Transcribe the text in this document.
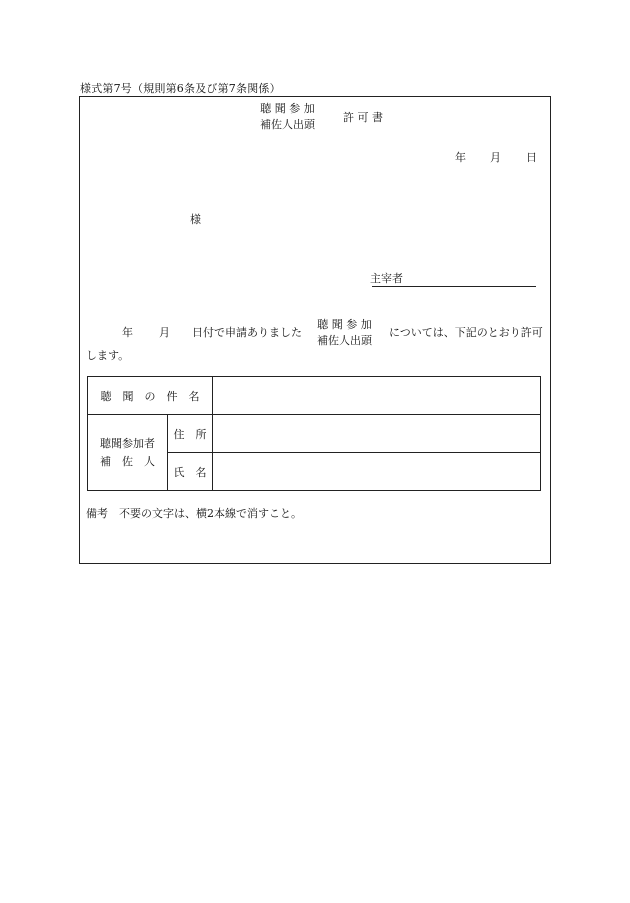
様式第7号（規則第6条及び第7条関係）
聴 聞 参 加
補佐人出頭
許 可 書
年 月 日
様
主宰者
年 月 日付で申請ありました
聴 聞 参 加
補佐人出頭
については、下記のとおり許可
します。
聴　聞　の　件　名		

聴聞参加者
補　佐　人	住　所	
	氏　名	
備考　不要の文字は、横2本線で消すこと。
